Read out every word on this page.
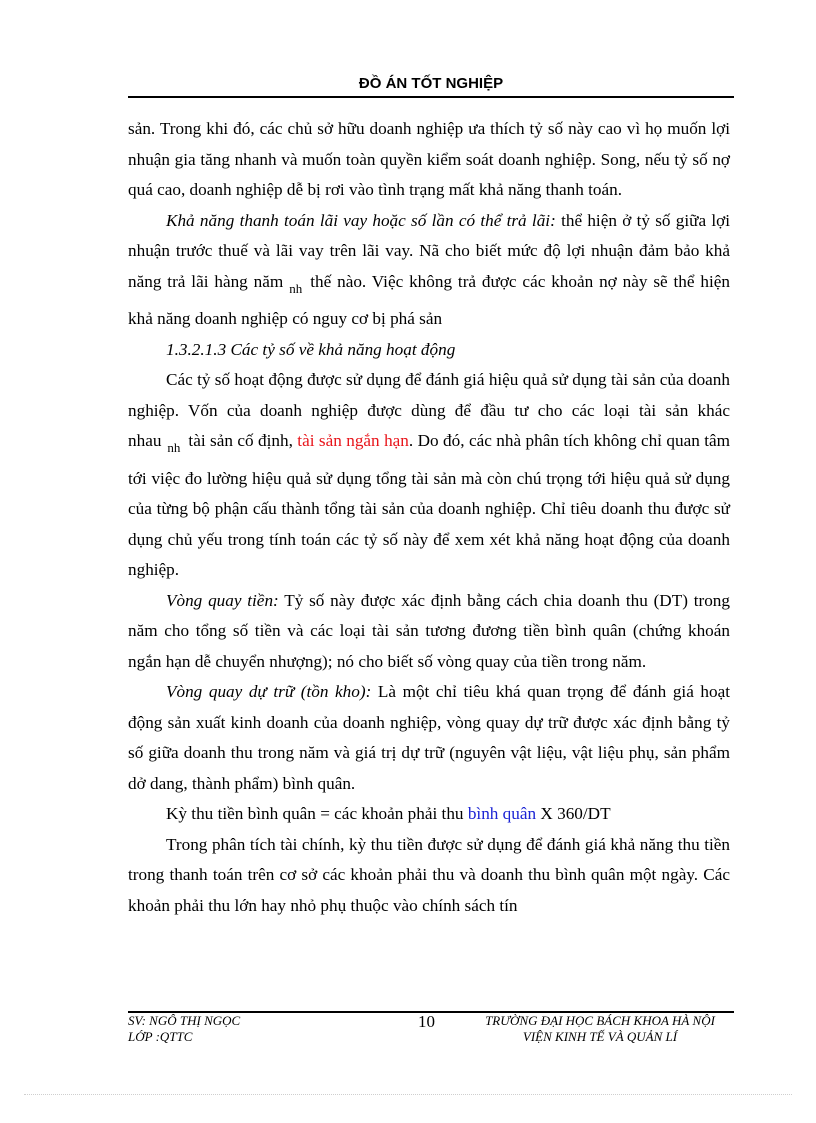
ĐỒ ÁN TỐT NGHIỆP

sản. Trong khi đó, các chủ sở hữu doanh nghiệp ưa thích tỷ số này cao vì họ muốn lợi nhuận gia tăng nhanh và muốn toàn quyền kiểm soát doanh nghiệp. Song, nếu tỷ số nợ quá cao, doanh nghiệp dễ bị rơi vào tình trạng mất khả năng thanh toán.

Khả năng thanh toán lãi vay hoặc số lần có thể trả lãi: thể hiện ở tỷ số giữa lợi nhuận trước thuế và lãi vay trên lãi vay. Nã cho biết mức độ lợi nhuận đảm bảo khả năng trả lãi hàng năm $_{nh}$ thế nào. Việc không trả được các khoản nợ này sẽ thể hiện khả năng doanh nghiệp có nguy cơ bị phá sản

1.3.2.1.3 Các tỷ số về khả năng hoạt động

Các tỷ số hoạt động được sử dụng để đánh giá hiệu quả sử dụng tài sản của doanh nghiệp. Vốn của doanh nghiệp được dùng để đầu tư cho các loại tài sản khác nhau $_{nh}$ tài sản cố định, tài sản ngắn hạn. Do đó, các nhà phân tích không chỉ quan tâm tới việc đo lường hiệu quả sử dụng tổng tài sản mà còn chú trọng tới hiệu quả sử dụng của từng bộ phận cấu thành tổng tài sản của doanh nghiệp. Chỉ tiêu doanh thu được sử dụng chủ yếu trong tính toán các tỷ số này để xem xét khả năng hoạt động của doanh nghiệp.

Vòng quay tiền: Tỷ số này được xác định bằng cách chia doanh thu (DT) trong năm cho tổng số tiền và các loại tài sản tương đương tiền bình quân (chứng khoán ngắn hạn dễ chuyển nhượng); nó cho biết số vòng quay của tiền trong năm.

Vòng quay dự trữ (tồn kho): Là một chỉ tiêu khá quan trọng để đánh giá hoạt động sản xuất kinh doanh của doanh nghiệp, vòng quay dự trữ được xác định bằng tỷ số giữa doanh thu trong năm và giá trị dự trữ (nguyên vật liệu, vật liệu phụ, sản phẩm dở dang, thành phẩm) bình quân.

Kỳ thu tiền bình quân = các khoản phải thu bình quân X 360/DT

Trong phân tích tài chính, kỳ thu tiền được sử dụng để đánh giá khả năng thu tiền trong thanh toán trên cơ sở các khoản phải thu và doanh thu bình quân một ngày. Các khoản phải thu lớn hay nhỏ phụ thuộc vào chính sách tín

SV: NGÔ THỊ NGỌC
LỚP :QTTC
10	TRƯỜNG ĐẠI HỌC BÁCH KHOA HÀ NỘI
VIỆN KINH TẾ VÀ QUẢN LÍ
